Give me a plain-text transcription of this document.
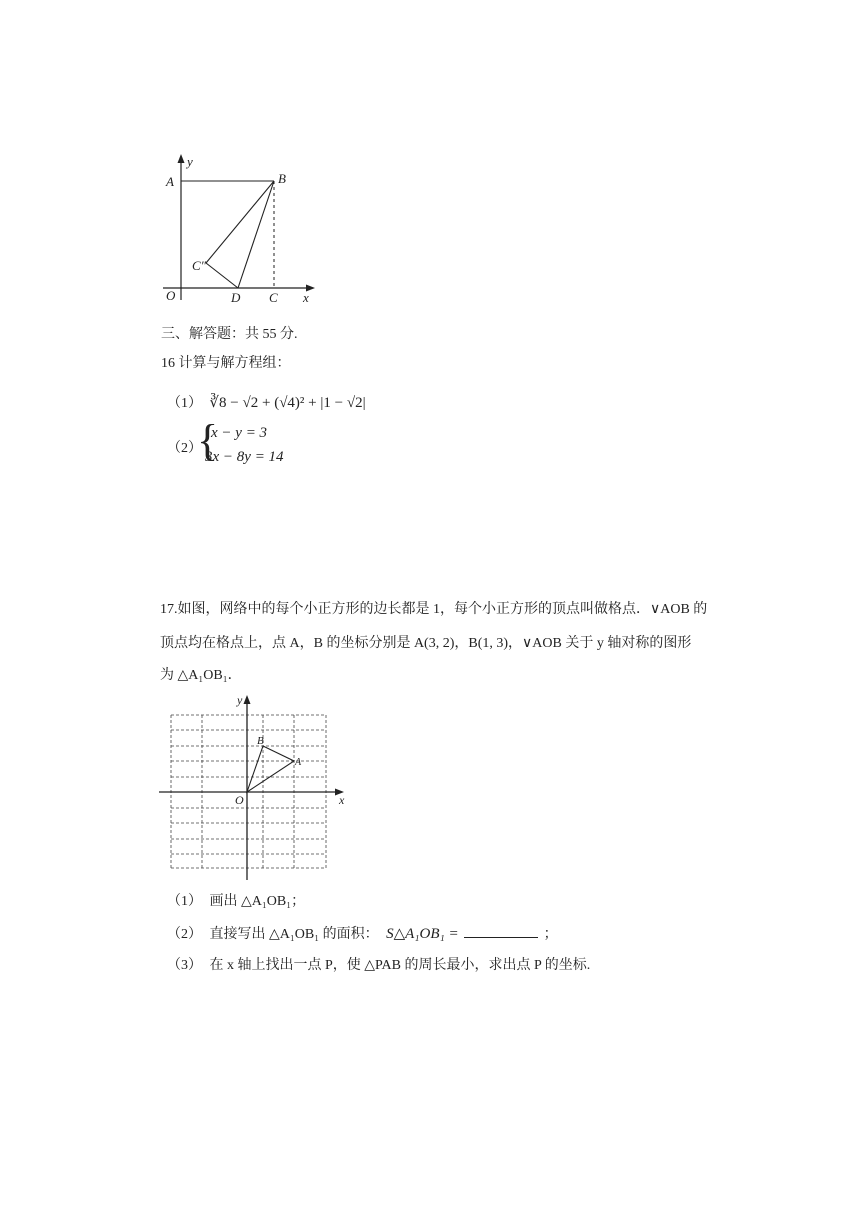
y
A	B
C″
O	D C x
三、解答题：共 55 分.
16 计算与解方程组：
（1） ∛8 − √2 + (√4)² + |1 − √2|
（2）
{
x − y = 3
3x − 8y = 14
17.如图，网络中的每个小正方形的边长都是 1，每个小正方形的顶点叫做格点．∨AOB 的
顶点均在格点上，点 A，B 的坐标分别是 A(3, 2)，B(1, 3)，∨AOB 关于 y 轴对称的图形
为 △A₁OB₁．
y
B
A
O	x
（1） 画出 △A₁OB₁；
（2） 直接写出 △A₁OB₁ 的面积： S△A₁OB₁ =	；
（3） 在 x 轴上找出一点 P，使 △PAB 的周长最小，求出点 P 的坐标.
